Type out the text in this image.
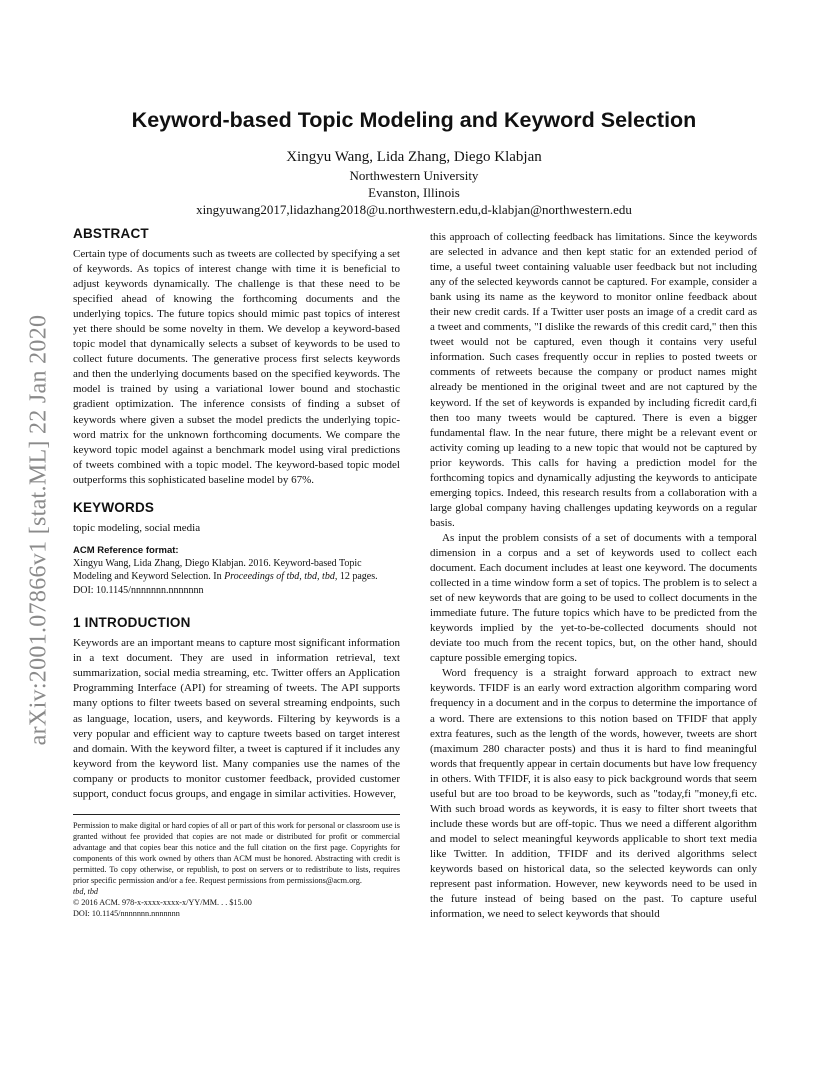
arXiv:2001.07866v1 [stat.ML] 22 Jan 2020
Keyword-based Topic Modeling and Keyword Selection

Xingyu Wang, Lida Zhang, Diego Klabjan

Northwestern University

Evanston, Illinois

xingyuwang2017,lidazhang2018@u.northwestern.edu,d-klabjan@northwestern.edu

ABSTRACT

Certain type of documents such as tweets are collected by specifying a set of keywords. As topics of interest change with time it is beneficial to adjust keywords dynamically. The challenge is that these need to be specified ahead of knowing the forthcoming documents and the underlying topics. The future topics should mimic past topics of interest yet there should be some novelty in them. We develop a keyword-based topic model that dynamically selects a subset of keywords to be used to collect future documents. The generative process first selects keywords and then the underlying documents based on the specified keywords. The model is trained by using a variational lower bound and stochastic gradient optimization. The inference consists of finding a subset of keywords where given a subset the model predicts the underlying topic-word matrix for the unknown forthcoming documents. We compare the keyword topic model against a benchmark model using viral predictions of tweets combined with a topic model. The keyword-based topic model outperforms this sophisticated baseline model by 67%.

KEYWORDS

topic modeling, social media

ACM Reference format:

Xingyu Wang, Lida Zhang, Diego Klabjan. 2016. Keyword-based Topic Modeling and Keyword Selection. In Proceedings of tbd, tbd, tbd, 12 pages.
DOI: 10.1145/nnnnnnn.nnnnnnn

1 INTRODUCTION

Keywords are an important means to capture most significant information in a text document. They are used in information retrieval, text summarization, social media streaming, etc. Twitter offers an Application Programming Interface (API) for streaming of tweets. The API supports many options to filter tweets based on several streaming endpoints, such as language, location, users, and keywords. Filtering by keywords is a very popular and efficient way to capture tweets based on target interest and domain. With the keyword filter, a tweet is captured if it includes any keyword from the keyword list. Many companies use the names of the company or products to monitor customer feedback, provided customer support, conduct focus groups, and engage in similar activities. However,

Permission to make digital or hard copies of all or part of this work for personal or classroom use is granted without fee provided that copies are not made or distributed for profit or commercial advantage and that copies bear this notice and the full citation on the first page. Copyrights for components of this work owned by others than ACM must be honored. Abstracting with credit is permitted. To copy otherwise, or republish, to post on servers or to redistribute to lists, requires prior specific permission and/or a fee. Request permissions from permissions@acm.org.

tbd, tbd

© 2016 ACM. 978-x-xxxx-xxxx-x/YY/MM. . . $15.00

DOI: 10.1145/nnnnnnn.nnnnnnn

this approach of collecting feedback has limitations. Since the keywords are selected in advance and then kept static for an extended period of time, a useful tweet containing valuable user feedback but not including any of the selected keywords cannot be captured. For example, consider a bank using its name as the keyword to monitor online feedback about their new credit cards. If a Twitter user posts an image of a credit card as a tweet and comments, "I dislike the rewards of this credit card," then this tweet would not be captured, even though it contains very useful information. Such cases frequently occur in replies to posted tweets or comments of retweets because the company or product names might already be mentioned in the original tweet and are not captured by the keyword. If the set of keywords is expanded by including ficredit card,fi then too many tweets would be captured. There is even a bigger fundamental flaw. In the near future, there might be a relevant event or activity coming up leading to a new topic that would not be captured by prior keywords. This calls for having a prediction model for the forthcoming topics and dynamically adjusting the keywords to anticipate emerging topics. Indeed, this research results from a collaboration with a large global company having challenges updating keywords on a regular basis.

As input the problem consists of a set of documents with a temporal dimension in a corpus and a set of keywords used to collect each document. Each document includes at least one keyword. The documents collected in a time window form a set of topics. The problem is to select a set of new keywords that are going to be used to collect documents in the immediate future. The future topics which have to be predicted from the keywords implied by the yet-to-be-collected documents should not deviate too much from the recent topics, but, on the other hand, should capture possible emerging topics.

Word frequency is a straight forward approach to extract new keywords. TFIDF is an early word extraction algorithm comparing word frequency in a document and in the corpus to determine the importance of a word. There are extensions to this notion based on TFIDF that apply extra features, such as the length of the words, however, tweets are short (maximum 280 character posts) and thus it is hard to find meaningful words that frequently appear in certain documents but have low frequency in others. With TFIDF, it is also easy to pick background words that seem useful but are too broad to be keywords, such as "today,fi "money,fi etc. With such broad words as keywords, it is easy to filter short tweets that include these words but are off-topic. Thus we need a different algorithm and model to select meaningful keywords applicable to short text media like Twitter. In addition, TFIDF and its derived algorithms select keywords based on historical data, so the selected keywords can only represent past information. However, new keywords need to be used in the future instead of being based on the past. To capture useful information, we need to select keywords that should
